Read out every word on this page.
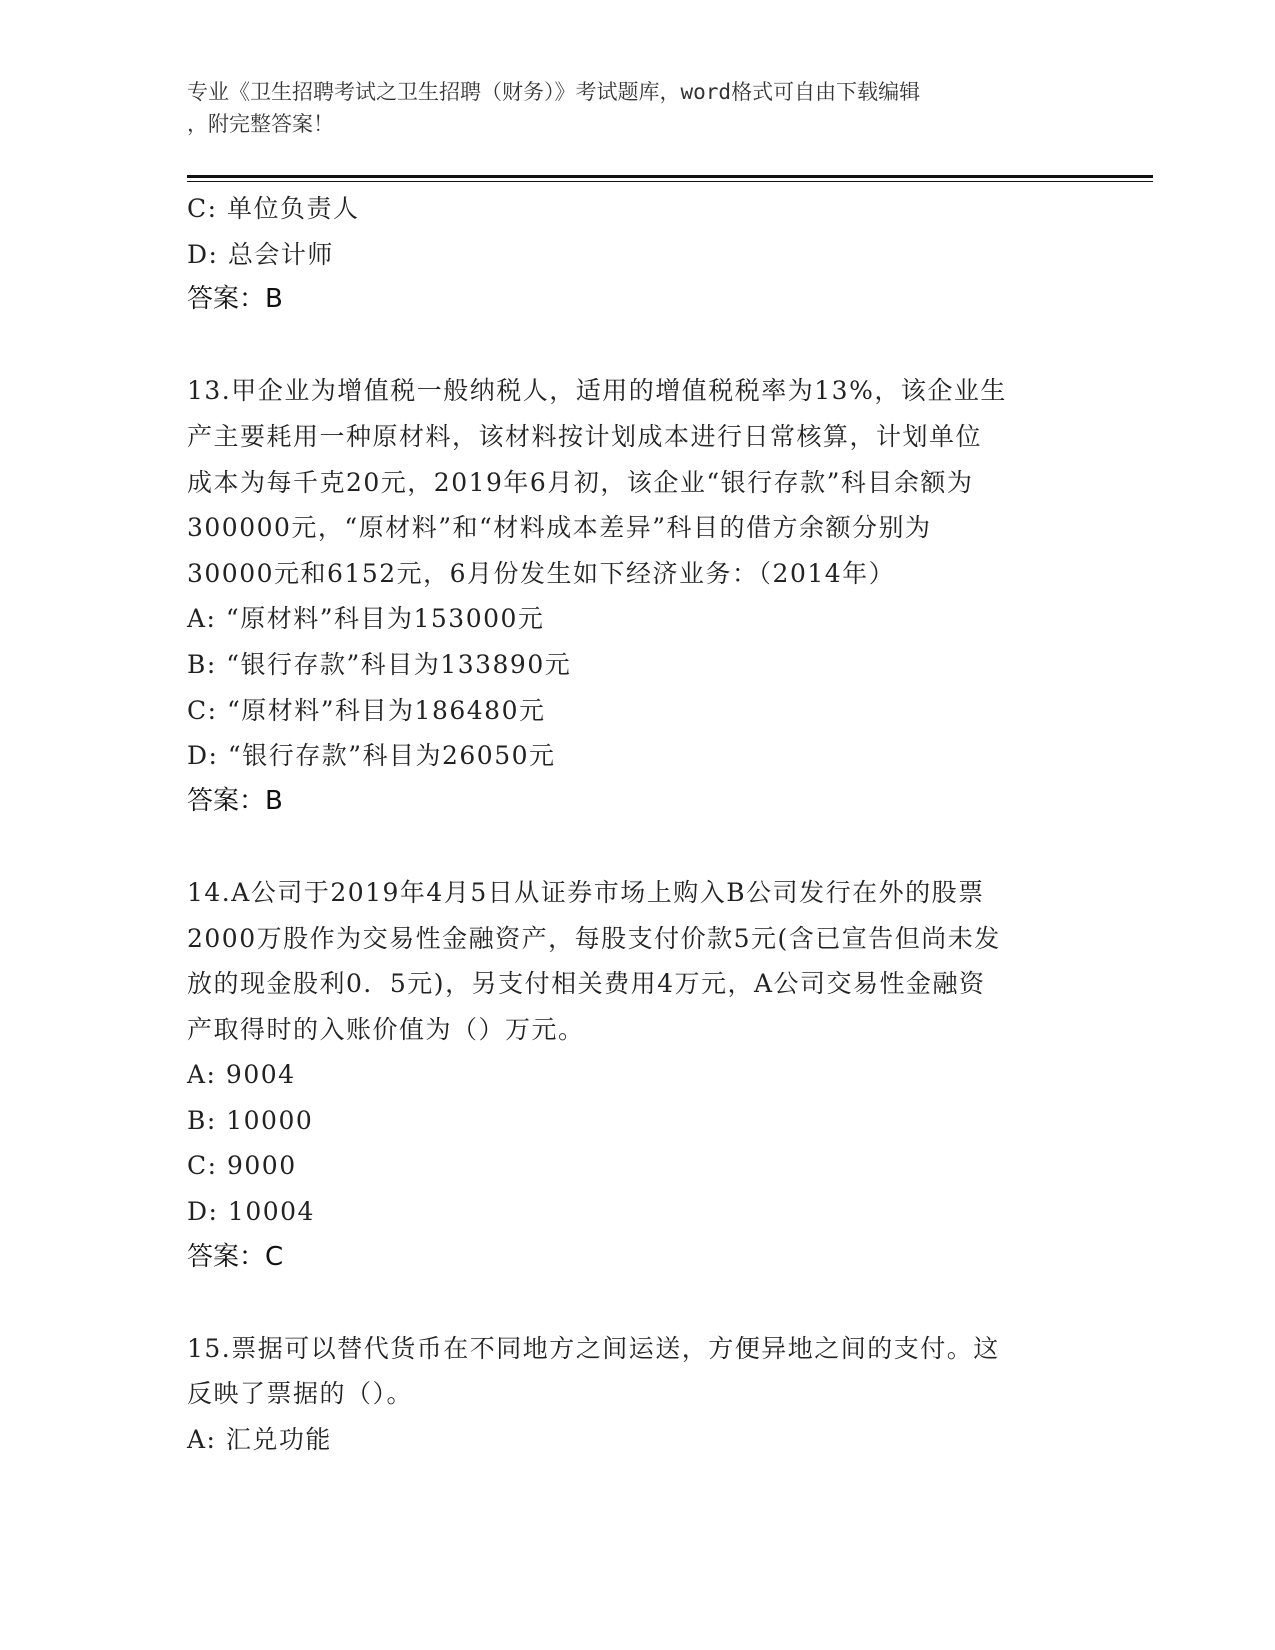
专业《卫生招聘考试之卫生招聘（财务）》考试题库，word格式可自由下载编辑
，附完整答案！
C: 单位负责人
D: 总会计师
答案：B
13.甲企业为增值税一般纳税人，适用的增值税税率为13%，该企业生
产主要耗用一种原材料，该材料按计划成本进行日常核算，计划单位
成本为每千克20元，2019年6月初，该企业“银行存款”科目余额为
300000元，“原材料”和“材料成本差异”科目的借方余额分别为
30000元和6152元，6月份发生如下经济业务：（2014年）
A: “原材料”科目为153000元
B: “银行存款”科目为133890元
C: “原材料”科目为186480元
D: “银行存款”科目为26050元
答案：B
14.A公司于2019年4月5日从证券市场上购入B公司发行在外的股票
2000万股作为交易性金融资产，每股支付价款5元(含已宣告但尚未发
放的现金股利0．5元)，另支付相关费用4万元，A公司交易性金融资
产取得时的入账价值为（）万元。
A: 9004
B: 10000
C: 9000
D: 10004
答案：C
15.票据可以替代货币在不同地方之间运送，方便异地之间的支付。这
反映了票据的（）。
A: 汇兑功能
